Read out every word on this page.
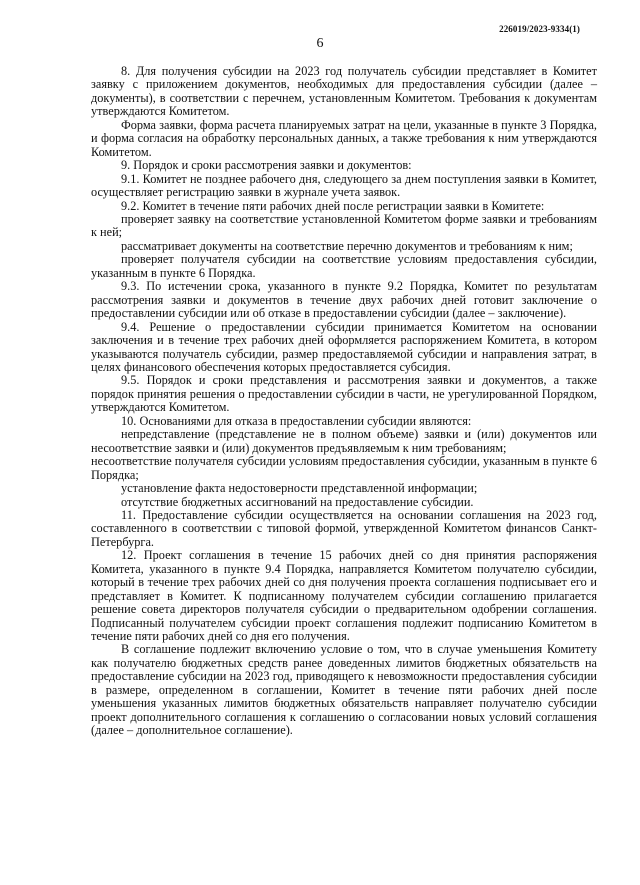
226019/2023-9334(1)
6

8. Для получения субсидии на 2023 год получатель субсидии представляет в Комитет заявку с приложением документов, необходимых для предоставления субсидии (далее – документы), в соответствии с перечнем, установленным Комитетом. Требования к документам утверждаются Комитетом.

Форма заявки, форма расчета планируемых затрат на цели, указанные в пункте 3 Порядка, и форма согласия на обработку персональных данных, а также требования к ним утверждаются Комитетом.

9. Порядок и сроки рассмотрения заявки и документов:

9.1. Комитет не позднее рабочего дня, следующего за днем поступления заявки в Комитет, осуществляет регистрацию заявки в журнале учета заявок.

9.2. Комитет в течение пяти рабочих дней после регистрации заявки в Комитете:

проверяет заявку на соответствие установленной Комитетом форме заявки и требованиям к ней;

рассматривает документы на соответствие перечню документов и требованиям к ним;

проверяет получателя субсидии на соответствие условиям предоставления субсидии, указанным в пункте 6 Порядка.

9.3. По истечении срока, указанного в пункте 9.2 Порядка, Комитет по результатам рассмотрения заявки и документов в течение двух рабочих дней готовит заключение о предоставлении субсидии или об отказе в предоставлении субсидии (далее – заключение).

9.4. Решение о предоставлении субсидии принимается Комитетом на основании заключения и в течение трех рабочих дней оформляется распоряжением Комитета, в котором указываются получатель субсидии, размер предоставляемой субсидии и направления затрат, в целях финансового обеспечения которых предоставляется субсидия.

9.5. Порядок и сроки представления и рассмотрения заявки и документов, а также порядок принятия решения о предоставлении субсидии в части, не урегулированной Порядком, утверждаются Комитетом.

10. Основаниями для отказа в предоставлении субсидии являются:

непредставление (представление не в полном объеме) заявки и (или) документов или несоответствие заявки и (или) документов предъявляемым к ним требованиям;

несоответствие получателя субсидии условиям предоставления субсидии, указанным в пункте 6 Порядка;

установление факта недостоверности представленной информации;

отсутствие бюджетных ассигнований на предоставление субсидии.

11. Предоставление субсидии осуществляется на основании соглашения на 2023 год, составленного в соответствии с типовой формой, утвержденной Комитетом финансов Санкт-Петербурга.

12. Проект соглашения в течение 15 рабочих дней со дня принятия распоряжения Комитета, указанного в пункте 9.4 Порядка, направляется Комитетом получателю субсидии, который в течение трех рабочих дней со дня получения проекта соглашения подписывает его и представляет в Комитет. К подписанному получателем субсидии соглашению прилагается решение совета директоров получателя субсидии о предварительном одобрении соглашения. Подписанный получателем субсидии проект соглашения подлежит подписанию Комитетом в течение пяти рабочих дней со дня его получения.

В соглашение подлежит включению условие о том, что в случае уменьшения Комитету как получателю бюджетных средств ранее доведенных лимитов бюджетных обязательств на предоставление субсидии на 2023 год, приводящего к невозможности предоставления субсидии в размере, определенном в соглашении, Комитет в течение пяти рабочих дней после уменьшения указанных лимитов бюджетных обязательств направляет получателю субсидии проект дополнительного соглашения к соглашению о согласовании новых условий соглашения (далее – дополнительное соглашение).
